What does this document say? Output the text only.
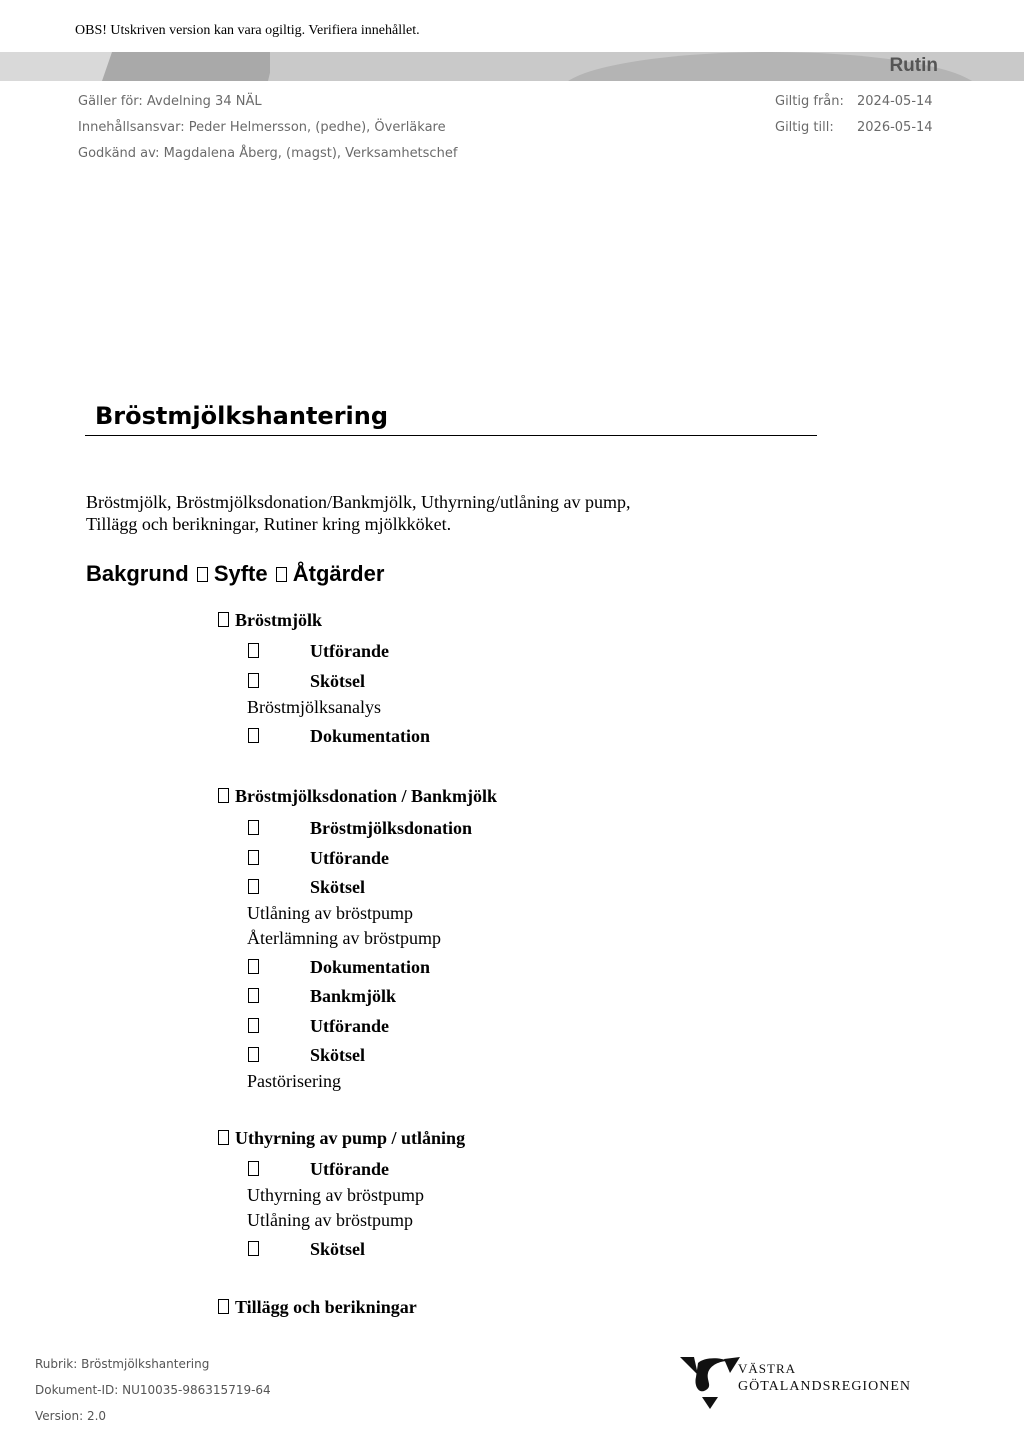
OBS! Utskriven version kan vara ogiltig. Verifiera innehållet.
Rutin
Gäller för: Avdelning 34 NÄL
Innehållsansvar: Peder Helmersson, (pedhe), Överläkare
Godkänd av: Magdalena Åberg, (magst), Verksamhetschef
Giltig från: 2024-05-14
Giltig till: 2026-05-14
Bröstmjölkshantering
Bröstmjölk, Bröstmjölksdonation/Bankmjölk, Uthyrning/utlåning av pump,
Tillägg och berikningar, Rutiner kring mjölkköket.
Bakgrund Syfte Åtgärder
Bröstmjölk
Utförande
Skötsel
Bröstmjölksanalys
Dokumentation
Bröstmjölksdonation / Bankmjölk
Bröstmjölksdonation
Utförande
Skötsel
Utlåning av bröstpump
Återlämning av bröstpump
Dokumentation
Bankmjölk
Utförande
Skötsel
Pastörisering
Uthyrning av pump / utlåning
Utförande
Uthyrning av bröstpump
Utlåning av bröstpump
Skötsel
Tillägg och berikningar
Rubrik: Bröstmjölkshantering
Dokument-ID: NU10035-986315719-64
Version: 2.0
VÄSTRA
GÖTALANDSREGIONEN
